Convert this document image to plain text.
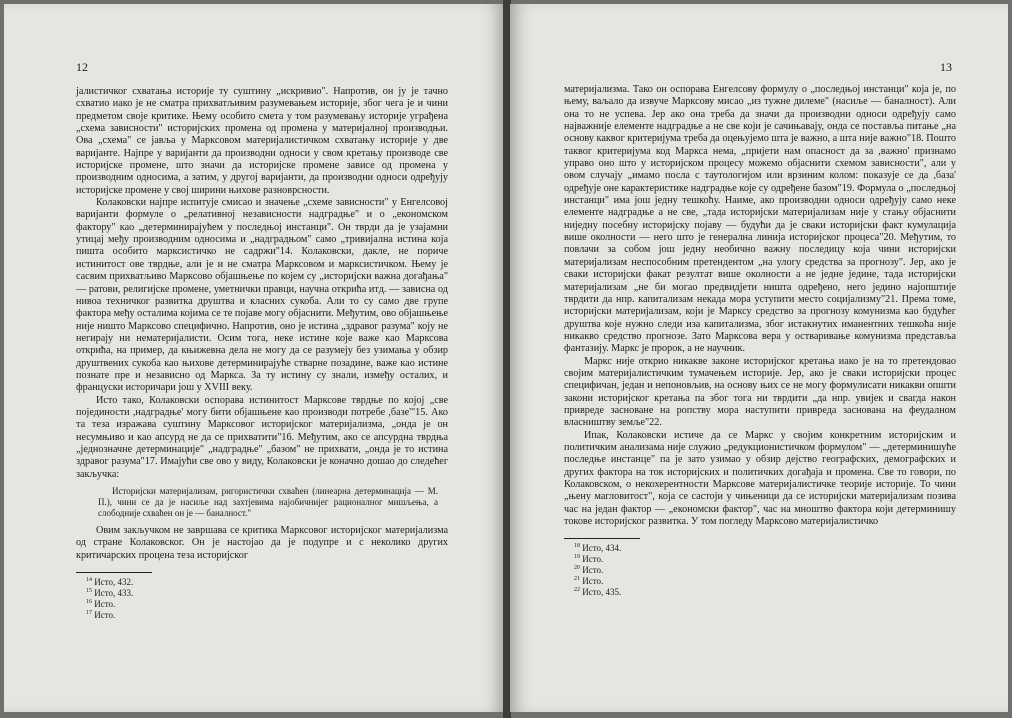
12

јалистичког схватања историје ту суштину „искривио". Напротив, он ју је тачно схватио иако је не сматра прихватљивим разумевањем историје, због чега је и чини предметом своје критике. Њему особито смета у том разумевању историје уграђена „схема зависности" историјских промена од промена у материјалној производњи. Ова „схема" се јавља у Марксовом материјалистичком схватању историје у две варијанте. Најпре у варијанти да производни односи у свом кретању производе све историјске промене, што значи да историјске промене зависе од промена у производним односима, а затим, у другој варијанти, да производни односи одређују историјске промене у свој ширини њихове разноврсности.

Колаковски најпре испитује смисао и значење „схеме зависности" у Енгелсовој варијанти формуле о „релативној независности надградње" и о „економском фактору" као „детерминирајућем у последњој инстанци". Он тврди да је узајамни утицај међу производним односима и „надградњом" само „тривијална истина која пишта особито марксистичко не садржи"14. Колаковски, дакле, не пориче истинитост ове тврдње, али је и не сматра Марксовом и марксистичком. Њему је сасвим прихватљиво Марксово објашњење по којем су „историјски важна догађања" — ратови, религијске промене, уметнички правци, научна открића итд. — зависна од нивоа техничког развитка друштва и класних сукоба. Али то су само две групе фактора међу осталима којима се те појаве могу објаснити. Међутим, ово објашњење није ништо Марксово специфично. Напротив, оно је истина „здравог разума" коју не негирају ни нематеријалисти. Осим тога, неке истине које важе као Марксова открића, на пример, да књижевна дела не могу да се разумеју без узимања у обзир друштвених сукоба као њихове детерминирајуће стварне позадине, важе као истине познате пре и независно од Маркса. За ту истину су знали, између осталих, и француски историчари још у XVIII веку.

Исто тако, Колаковски оспорава истинитост Марксове тврдње по којој „све појединости ,надградње' могу бити објашњене као производи потребе ,базе'"15. Ако та теза изражава суштину Марксовог историјског материјализма, „онда је он несумњиво и као апсурд не да се прихватити"16. Међутим, ако се апсурдна тврдња „једнозначне детерминације" „надградње" „базом" не прихвати, „онда је то истина здравог разума"17. Имајући све ово у виду, Колаковски је коначно дошао до следећег закључка:

Историјски материјализам, ригористички схваћен (линеарна детерминација — М. П.), чини се да је насиље над захтјевима најобичнијег рационалног мишљења, а слободније схваћен он је — баналност."

Овим закључком не завршава се критика Марксовог историјског материјализма од стране Колаковског. Он је настојао да је подупре и с неколико других критичарских процена теза историјског

$^{14}$ Исто, 432.

$^{15}$ Исто, 433.

$^{16}$ Исто.

$^{17}$ Исто.

13

материјализма. Тако он оспорава Енгелсову формулу о „последњој инстанци" која је, по њему, ваљало да извуче Марксову мисао „из тужне дилеме" (насиље — баналност). Али она то не успева. Јер ако она треба да значи да производни односи одређују само најважније елементе надградње а не све који је сачињавају, онда се поставља питање „на основу каквог критеријума треба да оцењујемо шта је важно, а шта није важно"18. Пошто таквог критеријума код Маркса нема, „пријети нам опасност да за ,важно' признамо управо оно што у историјском процесу можемо објаснити схемом зависности", али у овом случају „имамо посла с таутологијом или врзиним колом: показује се да ,база' одређује оне карактеристике надградње које су одређене базом"19. Формула о „последњој инстанци" има још једну тешкоћу. Наиме, ако производни односи одређују само неке елементе надградње а не све, „тада историјски материјализам није у стању објаснити ниједну посебну историјску појаву — будући да је сваки историјски факт кумулација више околности — него што је генерална линија историјског процеса"20. Међутим, то повлачи за собом још једну необично важну последицу која чини историјски материјализам неспособним претендентом „на улогу средства за прогнозу". Јер, ако је сваки историјски факат резултат више околности а не једне једине, тада историјски материјализам „не би могао предвидјети ништа одређено, него једино најопштије тврдити да нпр. капитализам некада мора уступити место социјализму"21. Према томе, историјски материјализам, који је Марксу средство за прогнозу комунизма као будућег друштва које нужно следи иза капитализма, због истакнутих иманентних тешкоћа није никакво средство прогнозе. Зато Марксова вера у остваривање комунизма представља фантазију. Маркс је пророк, а не научник.

Маркс није открио никакве законе историјског кретања иако је на то претендовао својим материјалистичким тумачењем историје. Јер, ако је сваки историјски процес специфичан, један и непоновљив, на основу њих се не могу формулисати никакви општи закони историјског кретања па због тога ни тврдити „да нпр. увијек и свагда након привреде засноване на ропству мора наступити привреда заснована на феудалном власништву земље"22.

Ипак, Колаковски истиче да се Маркс у својим конкретним историјским и политичким анализама није служио „редукционистичком формулом" — „детерминишуће последње инстанце" па је зато узимао у обзир дејство географских, демографских и других фактора на ток историјских и политичких догађаја и промена. Све то говори, по Колаковском, о некохерентности Марксове материјалистичке теорије историје. То чини „њену магловитост", која се састоји у чињеници да се историјски материјализам позива час на један фактор — „економски фактор", час на мноштво фактора који детерминишу токове историјског развитка. У том погледу Марксово материјалистичко

$^{18}$ Исто, 434.

$^{19}$ Исто.

$^{20}$ Исто.

$^{21}$ Исто.

$^{22}$ Исто, 435.
